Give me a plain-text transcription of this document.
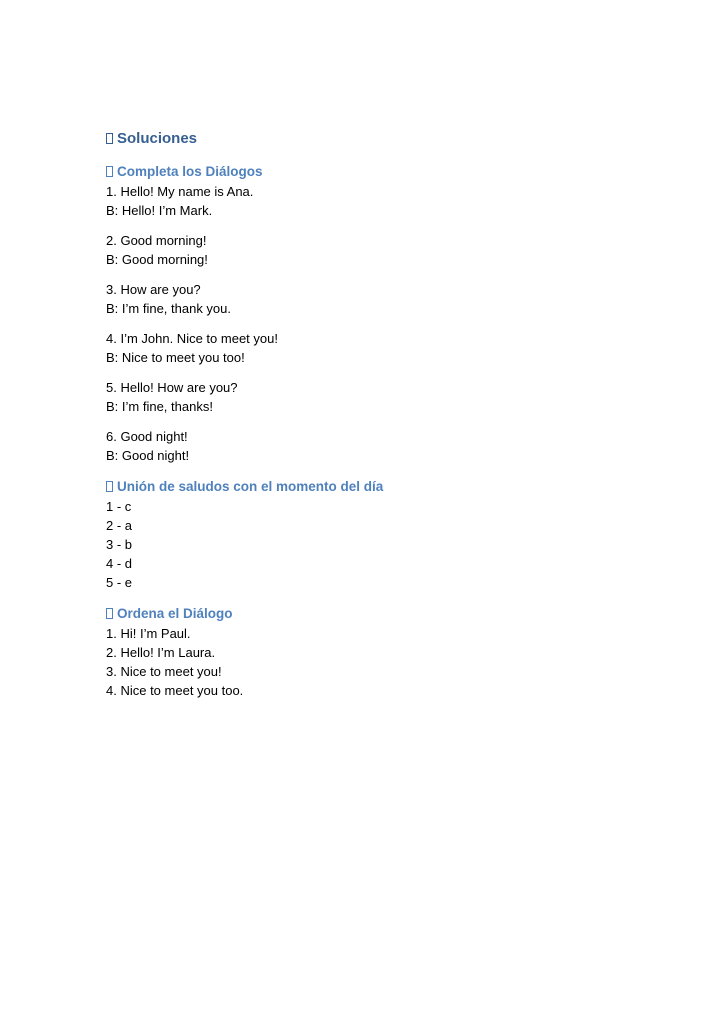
Soluciones
Completa los Diálogos
1. Hello! My name is Ana.
B: Hello! I’m Mark.
2. Good morning!
B: Good morning!
3. How are you?
B: I’m fine, thank you.
4. I’m John. Nice to meet you!
B: Nice to meet you too!
5. Hello! How are you?
B: I’m fine, thanks!
6. Good night!
B: Good night!
Unión de saludos con el momento del día
1 - c
2 - a
3 - b
4 - d
5 - e
Ordena el Diálogo
1. Hi! I’m Paul.
2. Hello! I’m Laura.
3. Nice to meet you!
4. Nice to meet you too.
